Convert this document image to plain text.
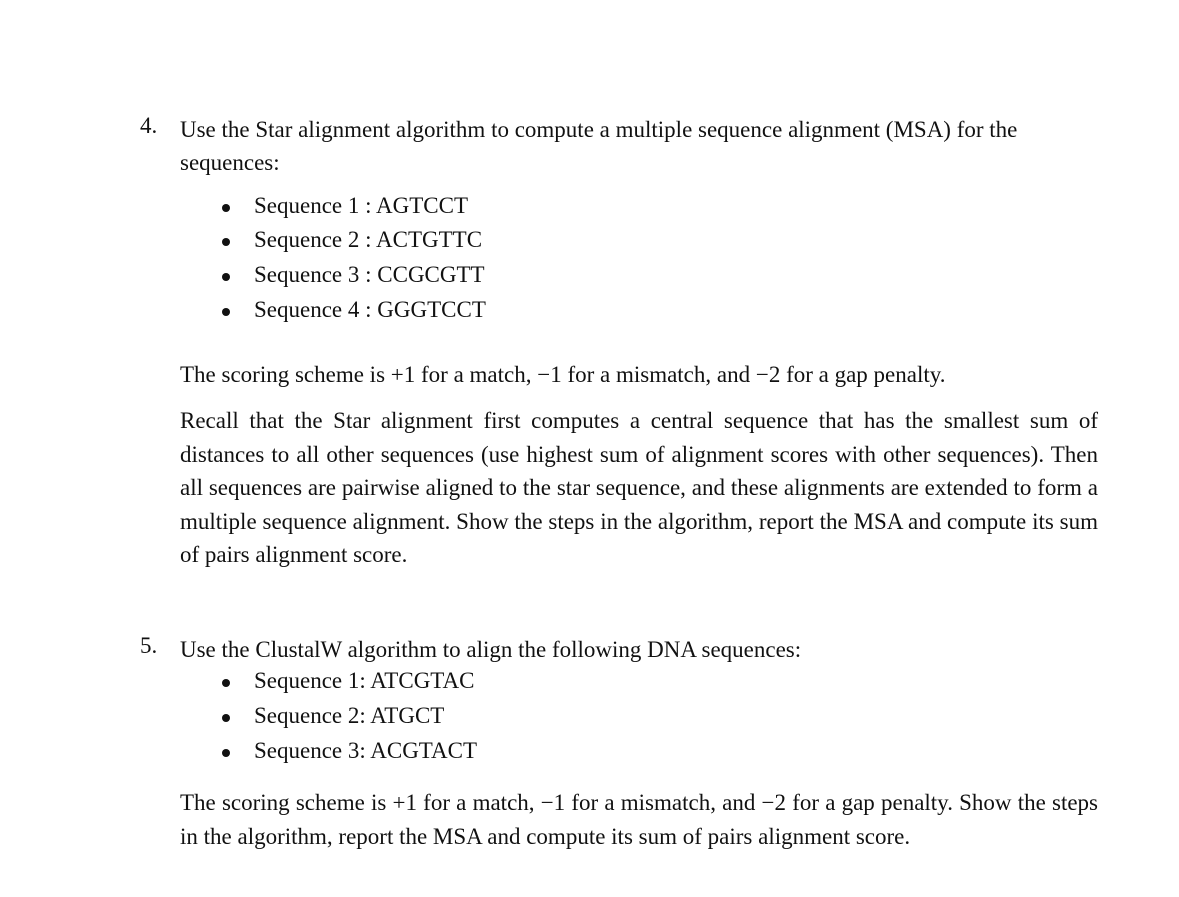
4. Use the Star alignment algorithm to compute a multiple sequence alignment (MSA) for the
sequences:
Sequence 1 : AGTCCT
Sequence 2 : ACTGTTC
Sequence 3 : CCGCGTT
Sequence 4 : GGGTCCT
The scoring scheme is +1 for a match, −1 for a mismatch, and −2 for a gap penalty.
Recall that the Star alignment first computes a central sequence that has the smallest sum of distances to all other sequences (use highest sum of alignment scores with other sequences). Then all sequences are pairwise aligned to the star sequence, and these alignments are extended to form a multiple sequence alignment. Show the steps in the algorithm, report the MSA and compute its sum of pairs alignment score.
5. Use the ClustalW algorithm to align the following DNA sequences:
Sequence 1: ATCGTAC
Sequence 2: ATGCT
Sequence 3: ACGTACT
The scoring scheme is +1 for a match, −1 for a mismatch, and −2 for a gap penalty. Show the steps in the algorithm, report the MSA and compute its sum of pairs alignment score.
